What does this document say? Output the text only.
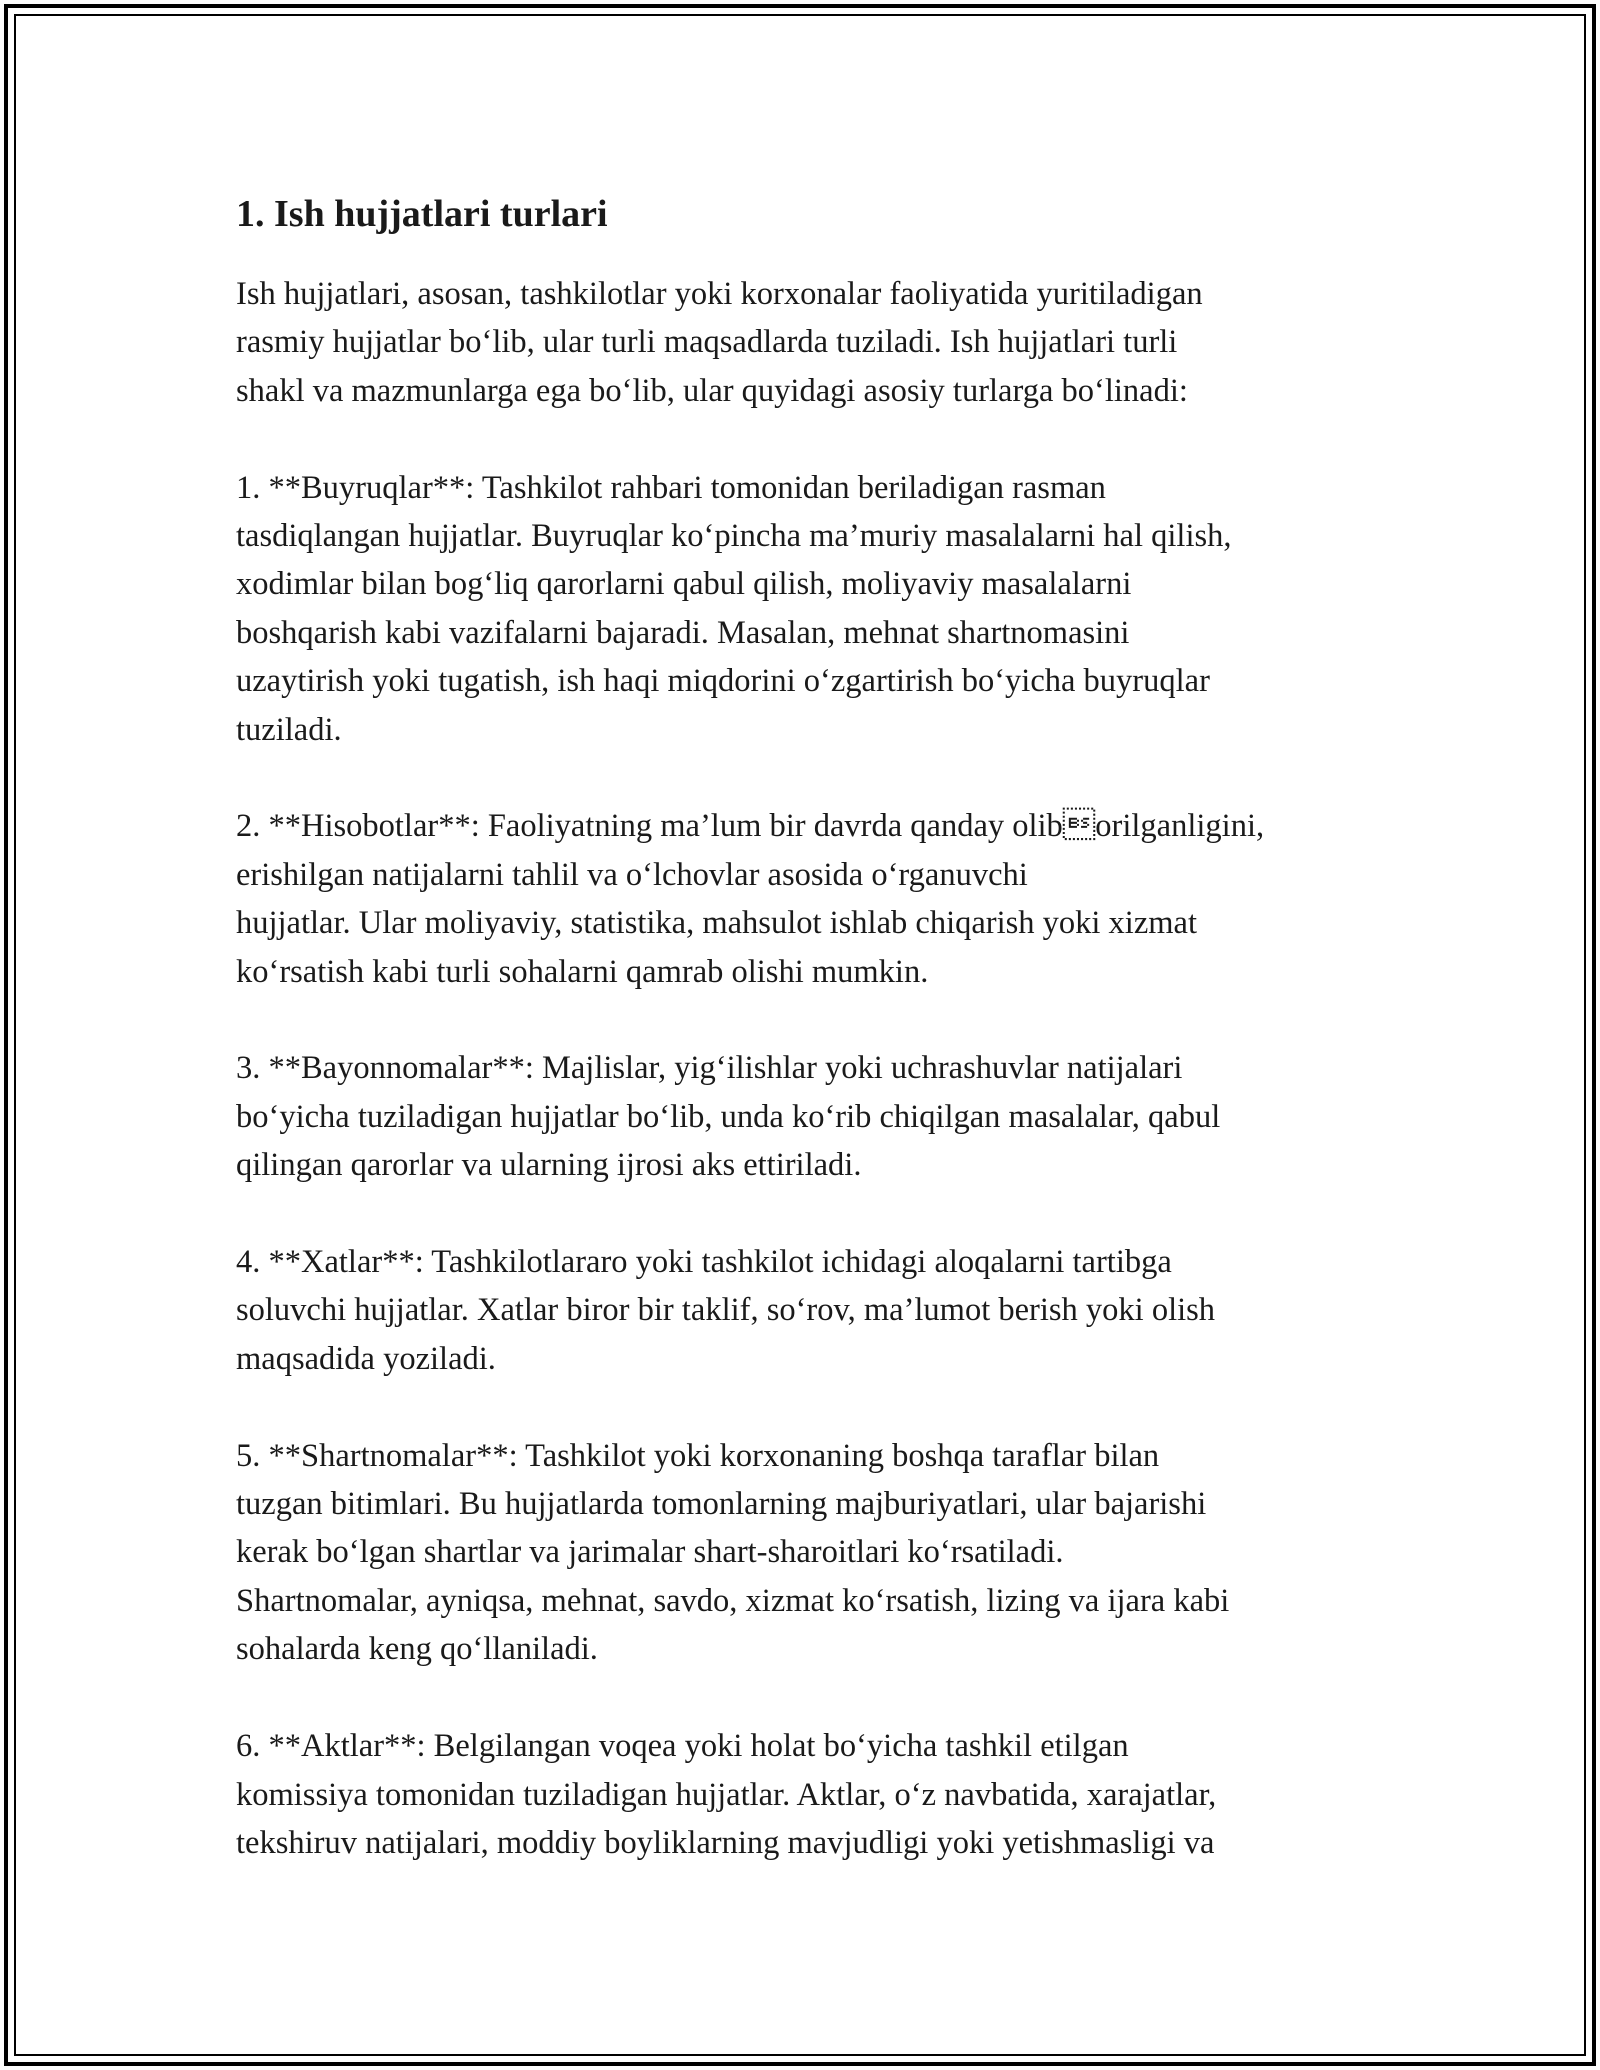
1. Ish hujjatlari turlari

Ish hujjatlari, asosan, tashkilotlar yoki korxonalar faoliyatida yuritiladigan
rasmiy hujjatlar bo‘lib, ular turli maqsadlarda tuziladi. Ish hujjatlari turli
shakl va mazmunlarga ega bo‘lib, ular quyidagi asosiy turlarga bo‘linadi:

1. **Buyruqlar**: Tashkilot rahbari tomonidan beriladigan rasman
tasdiqlangan hujjatlar. Buyruqlar ko‘pincha ma’muriy masalalarni hal qilish,
xodimlar bilan bog‘liq qarorlarni qabul qilish, moliyaviy masalalarni
boshqarish kabi vazifalarni bajaradi. Masalan, mehnat shartnomasini
uzaytirish yoki tugatish, ish haqi miqdorini o‘zgartirish bo‘yicha buyruqlar
tuziladi.

2. **Hisobotlar**: Faoliyatning ma’lum bir davrda qanday oliborilganligini, erishilgan natijalarni tahlil va o‘lchovlar asosida o‘rganuvchi
hujjatlar. Ular moliyaviy, statistika, mahsulot ishlab chiqarish yoki xizmat
ko‘rsatish kabi turli sohalarni qamrab olishi mumkin.

3. **Bayonnomalar**: Majlislar, yig‘ilishlar yoki uchrashuvlar natijalari
bo‘yicha tuziladigan hujjatlar bo‘lib, unda ko‘rib chiqilgan masalalar, qabul
qilingan qarorlar va ularning ijrosi aks ettiriladi.

4. **Xatlar**: Tashkilotlararo yoki tashkilot ichidagi aloqalarni tartibga
soluvchi hujjatlar. Xatlar biror bir taklif, so‘rov, ma’lumot berish yoki olish
maqsadida yoziladi.

5. **Shartnomalar**: Tashkilot yoki korxonaning boshqa taraflar bilan
tuzgan bitimlari. Bu hujjatlarda tomonlarning majburiyatlari, ular bajarishi
kerak bo‘lgan shartlar va jarimalar shart-sharoitlari ko‘rsatiladi.
Shartnomalar, ayniqsa, mehnat, savdo, xizmat ko‘rsatish, lizing va ijara kabi
sohalarda keng qo‘llaniladi.

6. **Aktlar**: Belgilangan voqea yoki holat bo‘yicha tashkil etilgan
komissiya tomonidan tuziladigan hujjatlar. Aktlar, o‘z navbatida, xarajatlar,
tekshiruv natijalari, moddiy boyliklarning mavjudligi yoki yetishmasligi va
